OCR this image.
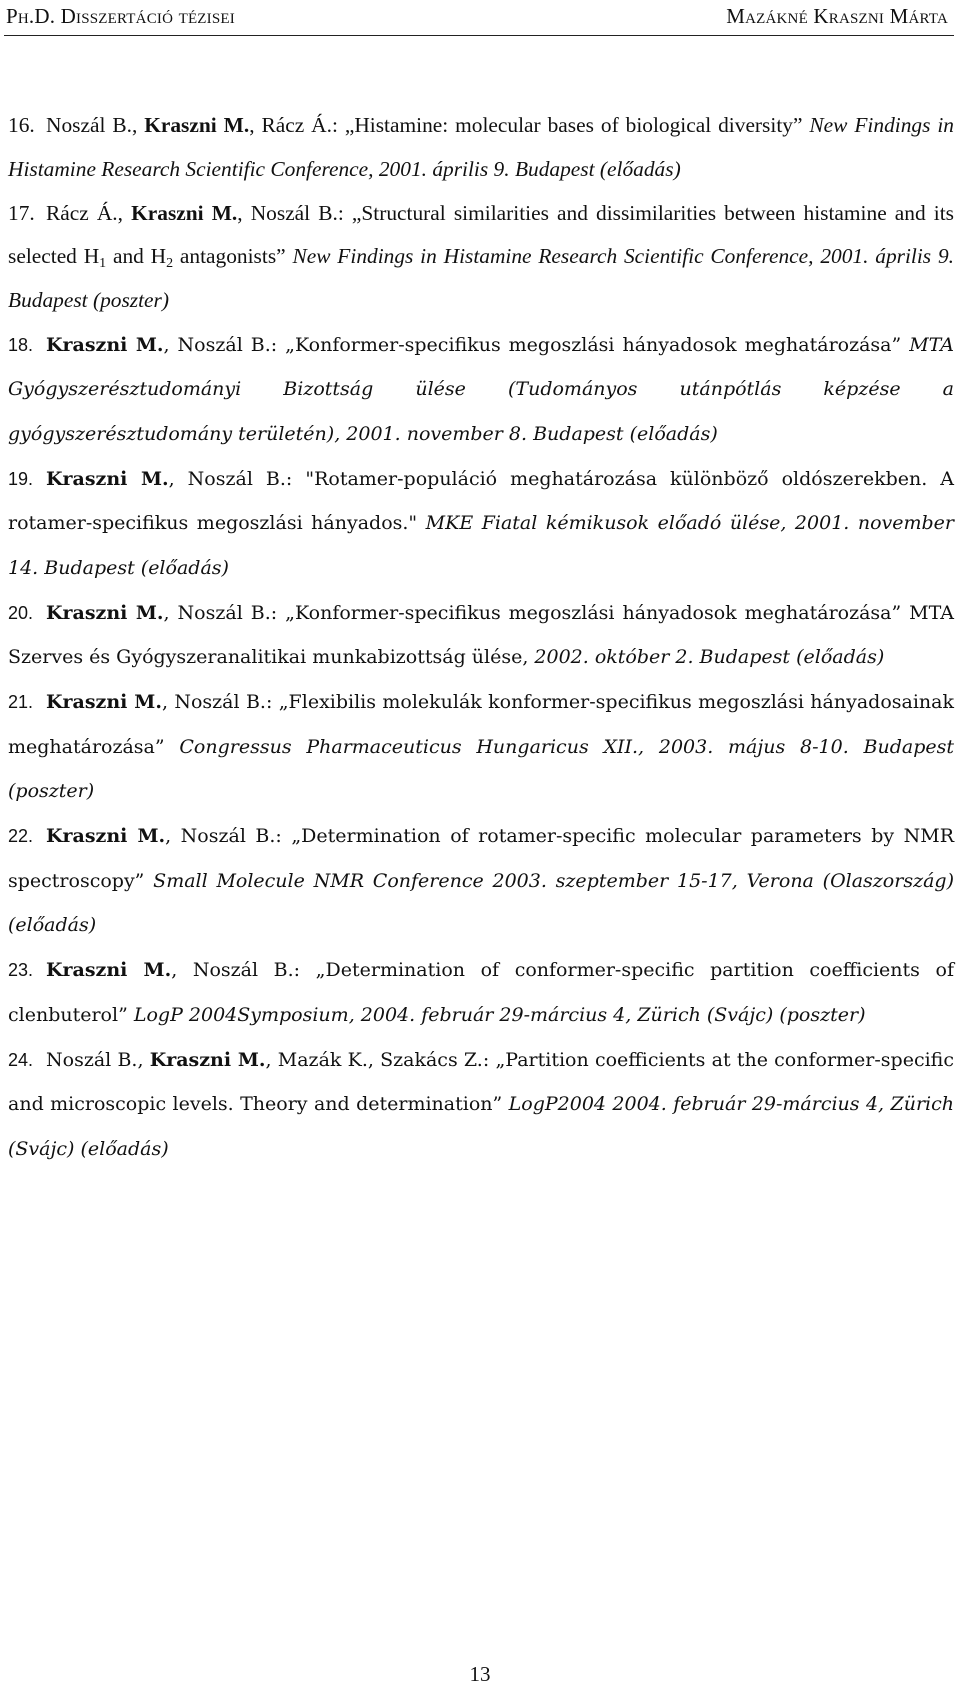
Ph.D. Disszertáció tézisei	Mazákné Kraszni Márta
16. Noszál B., Kraszni M., Rácz Á.: „Histamine: molecular bases of biological diversity” New Findings in Histamine Research Scientific Conference, 2001. április 9. Budapest (előadás)
17. Rácz Á., Kraszni M., Noszál B.: „Structural similarities and dissimilarities between histamine and its selected $H_1$ and $H_2$ antagonists” New Findings in Histamine Research Scientific Conference, 2001. április 9. Budapest (poszter)
18. Kraszni M., Noszál B.: „Konformer-specifikus megoszlási hányadosok meghatározása” MTA Gyógyszerésztudományi Bizottság ülése (Tudományos utánpótlás képzése a gyógyszerésztudomány területén), 2001. november 8. Budapest (előadás)
19. Kraszni M., Noszál B.: "Rotamer-populáció meghatározása különböző oldószerekben. A rotamer-specifikus megoszlási hányados." MKE Fiatal kémikusok előadó ülése, 2001. november 14. Budapest (előadás)
20. Kraszni M., Noszál B.: „Konformer-specifikus megoszlási hányadosok meghatározása” MTA Szerves és Gyógyszeranalitikai munkabizottság ülése, 2002. október 2. Budapest (előadás)
21. Kraszni M., Noszál B.: „Flexibilis molekulák konformer-specifikus megoszlási hányadosainak meghatározása” Congressus Pharmaceuticus Hungaricus XII., 2003. május 8-10. Budapest (poszter)
22. Kraszni M., Noszál B.: „Determination of rotamer-specific molecular parameters by NMR spectroscopy” Small Molecule NMR Conference 2003. szeptember 15-17, Verona (Olaszország) (előadás)
23. Kraszni M., Noszál B.: „Determination of conformer-specific partition coefficients of clenbuterol” LogP 2004Symposium, 2004. február 29-március 4, Zürich (Svájc) (poszter)
24. Noszál B., Kraszni M., Mazák K., Szakács Z.: „Partition coefficients at the conformer-specific and microscopic levels. Theory and determination” LogP2004 2004. február 29-március 4, Zürich (Svájc) (előadás)
13
